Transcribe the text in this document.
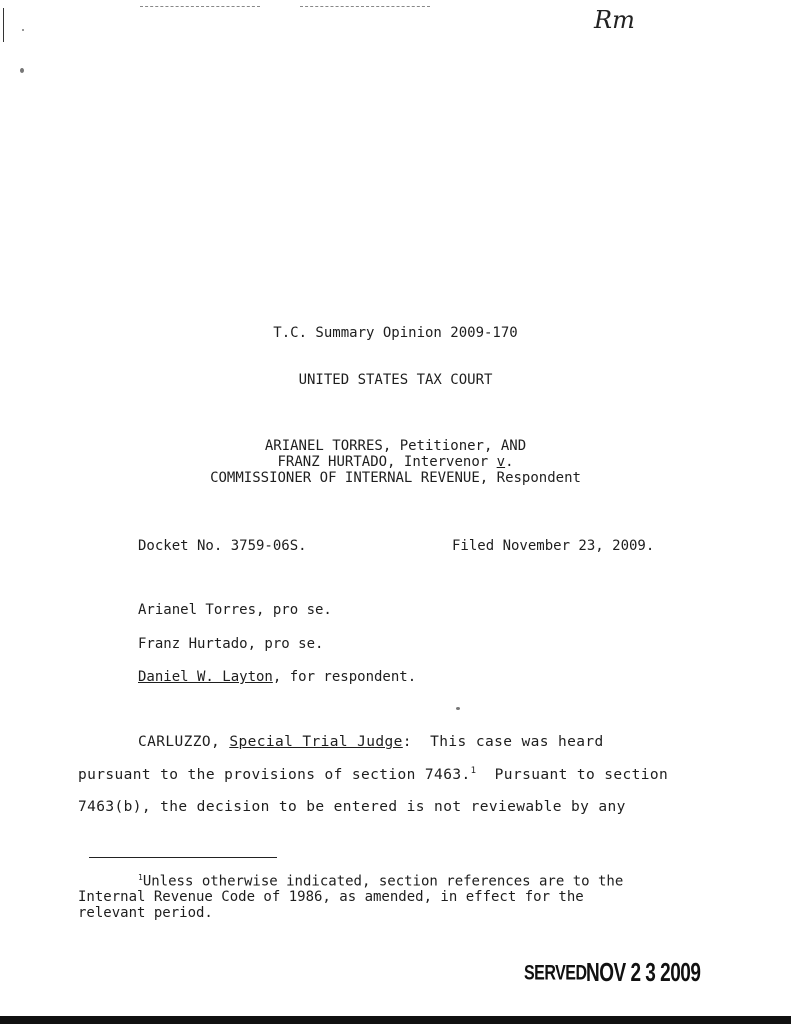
Rm
T.C. Summary Opinion 2009-170
UNITED STATES TAX COURT
ARIANEL TORRES, Petitioner, AND
FRANZ HURTADO, Intervenor v.
COMMISSIONER OF INTERNAL REVENUE, Respondent
Docket No. 3759-06S.	Filed November 23, 2009.
Arianel Torres, pro se.
Franz Hurtado, pro se.
Daniel W. Layton, for respondent.
CARLUZZO, Special Trial Judge:  This case was heard
pursuant to the provisions of section 7463.$^1$  Pursuant to section
7463(b), the decision to be entered is not reviewable by any
$^1$Unless otherwise indicated, section references are to the
Internal Revenue Code of 1986, as amended, in effect for the
relevant period.
SERVED NOV 2 3 2009
